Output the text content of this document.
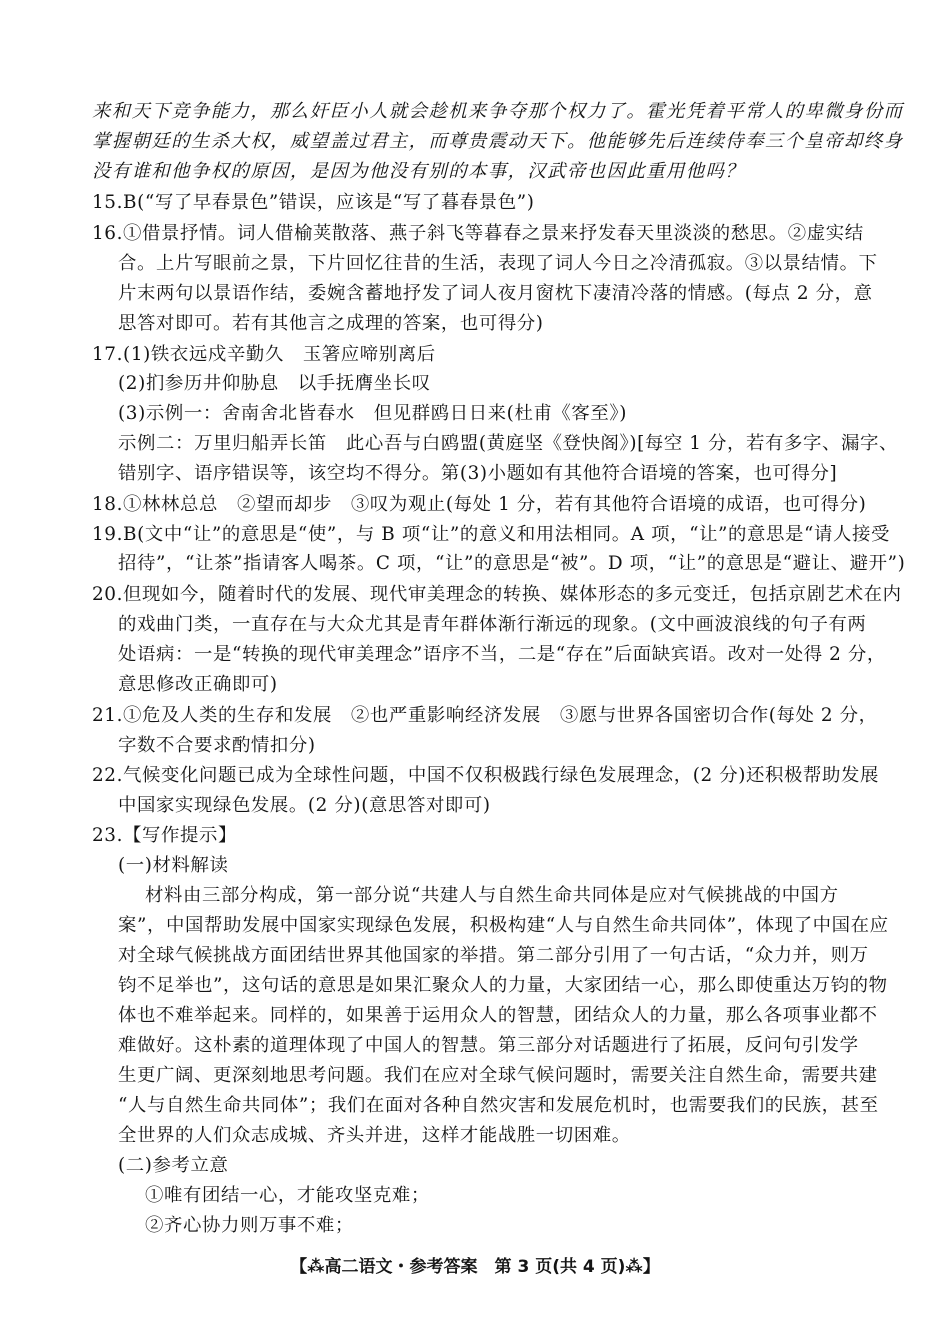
来和天下竞争能力，那么奸臣小人就会趁机来争夺那个权力了。霍光凭着平常人的卑微身份而
掌握朝廷的生杀大权，威望盖过君主，而尊贵震动天下。他能够先后连续侍奉三个皇帝却终身
没有谁和他争权的原因，是因为他没有别的本事，汉武帝也因此重用他吗？
15.B(“写了早春景色”错误，应该是“写了暮春景色”)
16.①借景抒情。词人借榆荚散落、燕子斜飞等暮春之景来抒发春天里淡淡的愁思。②虚实结
合。上片写眼前之景，下片回忆往昔的生活，表现了词人今日之冷清孤寂。③以景结情。下
片末两句以景语作结，委婉含蓄地抒发了词人夜月窗枕下凄清冷落的情感。(每点 2 分，意
思答对即可。若有其他言之成理的答案，也可得分)
17.(1)铁衣远戍辛勤久　玉箸应啼别离后
(2)扪参历井仰胁息　以手抚膺坐长叹
(3)示例一：舍南舍北皆春水　但见群鸥日日来(杜甫《客至》)
示例二：万里归船弄长笛　此心吾与白鸥盟(黄庭坚《登快阁》)[每空 1 分，若有多字、漏字、
错别字、语序错误等，该空均不得分。第(3)小题如有其他符合语境的答案，也可得分]
18.①林林总总　②望而却步　③叹为观止(每处 1 分，若有其他符合语境的成语，也可得分)
19.B(文中“让”的意思是“使”，与 B 项“让”的意义和用法相同。A 项，“让”的意思是“请人接受
招待”，“让茶”指请客人喝茶。C 项，“让”的意思是“被”。D 项，“让”的意思是“避让、避开”)
20.但现如今，随着时代的发展、现代审美理念的转换、媒体形态的多元变迁，包括京剧艺术在内
的戏曲门类，一直存在与大众尤其是青年群体渐行渐远的现象。(文中画波浪线的句子有两
处语病：一是“转换的现代审美理念”语序不当，二是“存在”后面缺宾语。改对一处得 2 分，
意思修改正确即可)
21.①危及人类的生存和发展　②也严重影响经济发展　③愿与世界各国密切合作(每处 2 分，
字数不合要求酌情扣分)
22.气候变化问题已成为全球性问题，中国不仅积极践行绿色发展理念，(2 分)还积极帮助发展
中国家实现绿色发展。(2 分)(意思答对即可)
23.【写作提示】
(一)材料解读
材料由三部分构成，第一部分说“共建人与自然生命共同体是应对气候挑战的中国方
案”，中国帮助发展中国家实现绿色发展，积极构建“人与自然生命共同体”，体现了中国在应
对全球气候挑战方面团结世界其他国家的举措。第二部分引用了一句古话，“众力并，则万
钧不足举也”，这句话的意思是如果汇聚众人的力量，大家团结一心，那么即使重达万钧的物
体也不难举起来。同样的，如果善于运用众人的智慧，团结众人的力量，那么各项事业都不
难做好。这朴素的道理体现了中国人的智慧。第三部分对话题进行了拓展，反问句引发学
生更广阔、更深刻地思考问题。我们在应对全球气候问题时，需要关注自然生命，需要共建
“人与自然生命共同体”；我们在面对各种自然灾害和发展危机时，也需要我们的民族，甚至
全世界的人们众志成城、齐头并进，这样才能战胜一切困难。
(二)参考立意
①唯有团结一心，才能攻坚克难；
②齐心协力则万事不难；
【⁂高二语文・参考答案　第 3 页(共 4 页)⁂】
